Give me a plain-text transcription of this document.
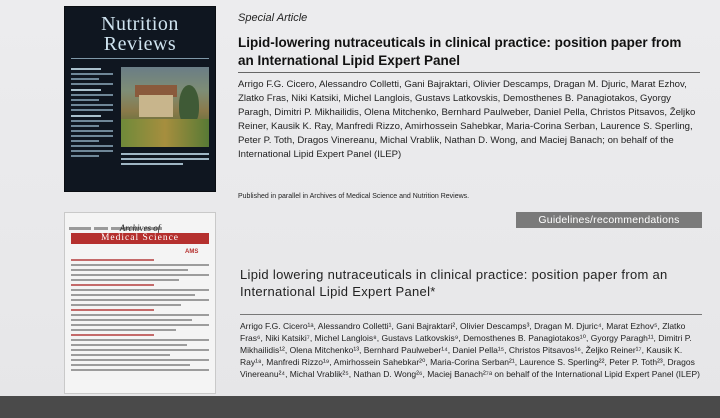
Nutrition
Reviews
Special Article
Lipid-lowering nutraceuticals in clinical practice: position paper from an International Lipid Expert Panel
Arrigo F.G. Cicero, Alessandro Colletti, Gani Bajraktari, Olivier Descamps, Dragan M. Djuric, Marat Ezhov, Zlatko Fras, Niki Katsiki, Michel Langlois, Gustavs Latkovskis, Demosthenes B. Panagiotakos, Gyorgy Paragh, Dimitri P. Mikhailidis, Olena Mitchenko, Bernhard Paulweber, Daniel Pella, Christos Pitsavos, Željko Reiner, Kausik K. Ray, Manfredi Rizzo, Amirhossein Sahebkar, Maria-Corina Serban, Laurence S. Sperling, Peter P. Toth, Dragos Vinereanu, Michal Vrablik, Nathan D. Wong, and Maciej Banach; on behalf of the International Lipid Expert Panel (ILEP)
Published in parallel in Archives of Medical Science and Nutrition Reviews.
Archives of
Medical Science
AMS
Guidelines/recommendations
Lipid lowering nutraceuticals in clinical practice: position paper from an International Lipid Expert Panel*
Arrigo F.G. Cicero¹ᵃ, Alessandro Colletti¹, Gani Bajraktari², Olivier Descamps³, Dragan M. Djuric⁴, Marat Ezhov⁵, Zlatko Fras⁶, Niki Katsiki⁷, Michel Langlois⁸, Gustavs Latkovskis⁹, Demosthenes B. Panagiotakos¹⁰, Gyorgy Paragh¹¹, Dimitri P. Mikhailidis¹², Olena Mitchenko¹³, Bernhard Paulweber¹⁴, Daniel Pella¹⁵, Christos Pitsavos¹⁶, Željko Reiner¹⁷, Kausik K. Ray¹⁸, Manfredi Rizzo¹⁹, Amirhossein Sahebkar²⁰, Maria-Corina Serban²¹, Laurence S. Sperling²², Peter P. Toth²³, Dragos Vinereanu²⁴, Michal Vrablik²⁵, Nathan D. Wong²⁶, Maciej Banach²⁷ᵃ on behalf of the International Lipid Expert Panel (ILEP)
